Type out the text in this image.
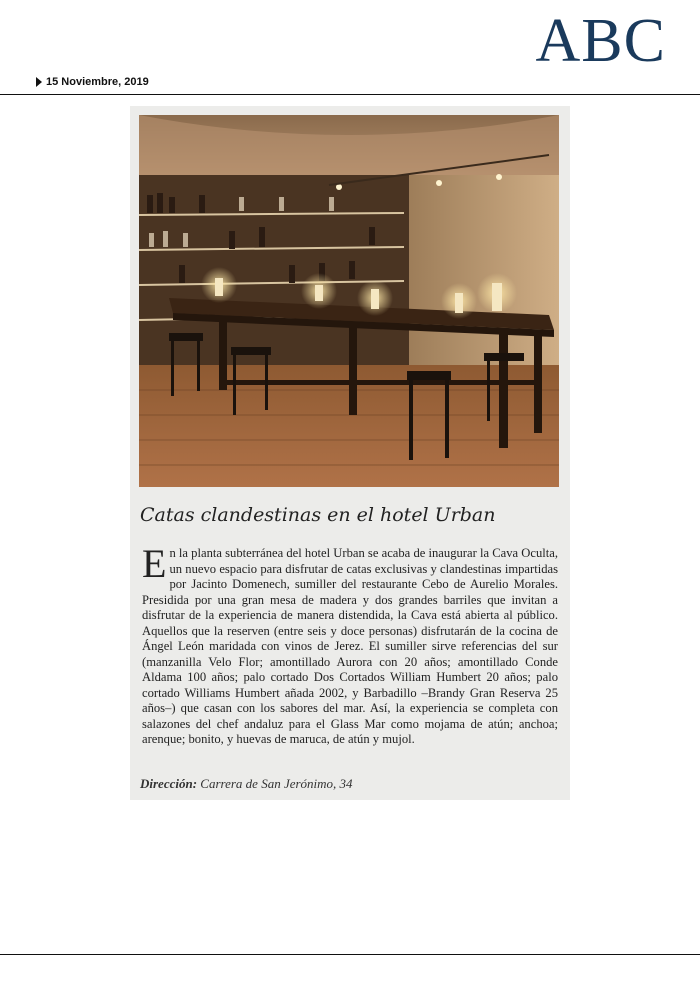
ABC
15 Noviembre, 2019
Catas clandestinas en el hotel Urban
En la planta subterránea del hotel Urban se acaba de inaugurar la Cava Oculta, un nuevo espacio para disfrutar de catas exclusivas y clandestinas impartidas por Jacinto Domenech, sumiller del restaurante Cebo de Aurelio Morales. Presidida por una gran mesa de madera y dos grandes barriles que invitan a disfrutar de la experiencia de manera distendida, la Cava está abierta al público. Aquellos que la reserven (entre seis y doce personas) disfrutarán de la cocina de Ángel León maridada con vinos de Jerez. El sumiller sirve referencias del sur (manzanilla Velo Flor; amontillado Aurora con 20 años; amontillado Conde Aldama 100 años; palo cortado Dos Cortados William Humbert 20 años; palo cortado Williams Humbert añada 2002, y Barbadillo –Brandy Gran Reserva 25 años–) que casan con los sabores del mar. Así, la experiencia se completa con salazones del chef andaluz para el Glass Mar como mojama de atún; anchoa; arenque; bonito, y huevas de maruca, de atún y mujol.
Dirección: Carrera de San Jerónimo, 34
